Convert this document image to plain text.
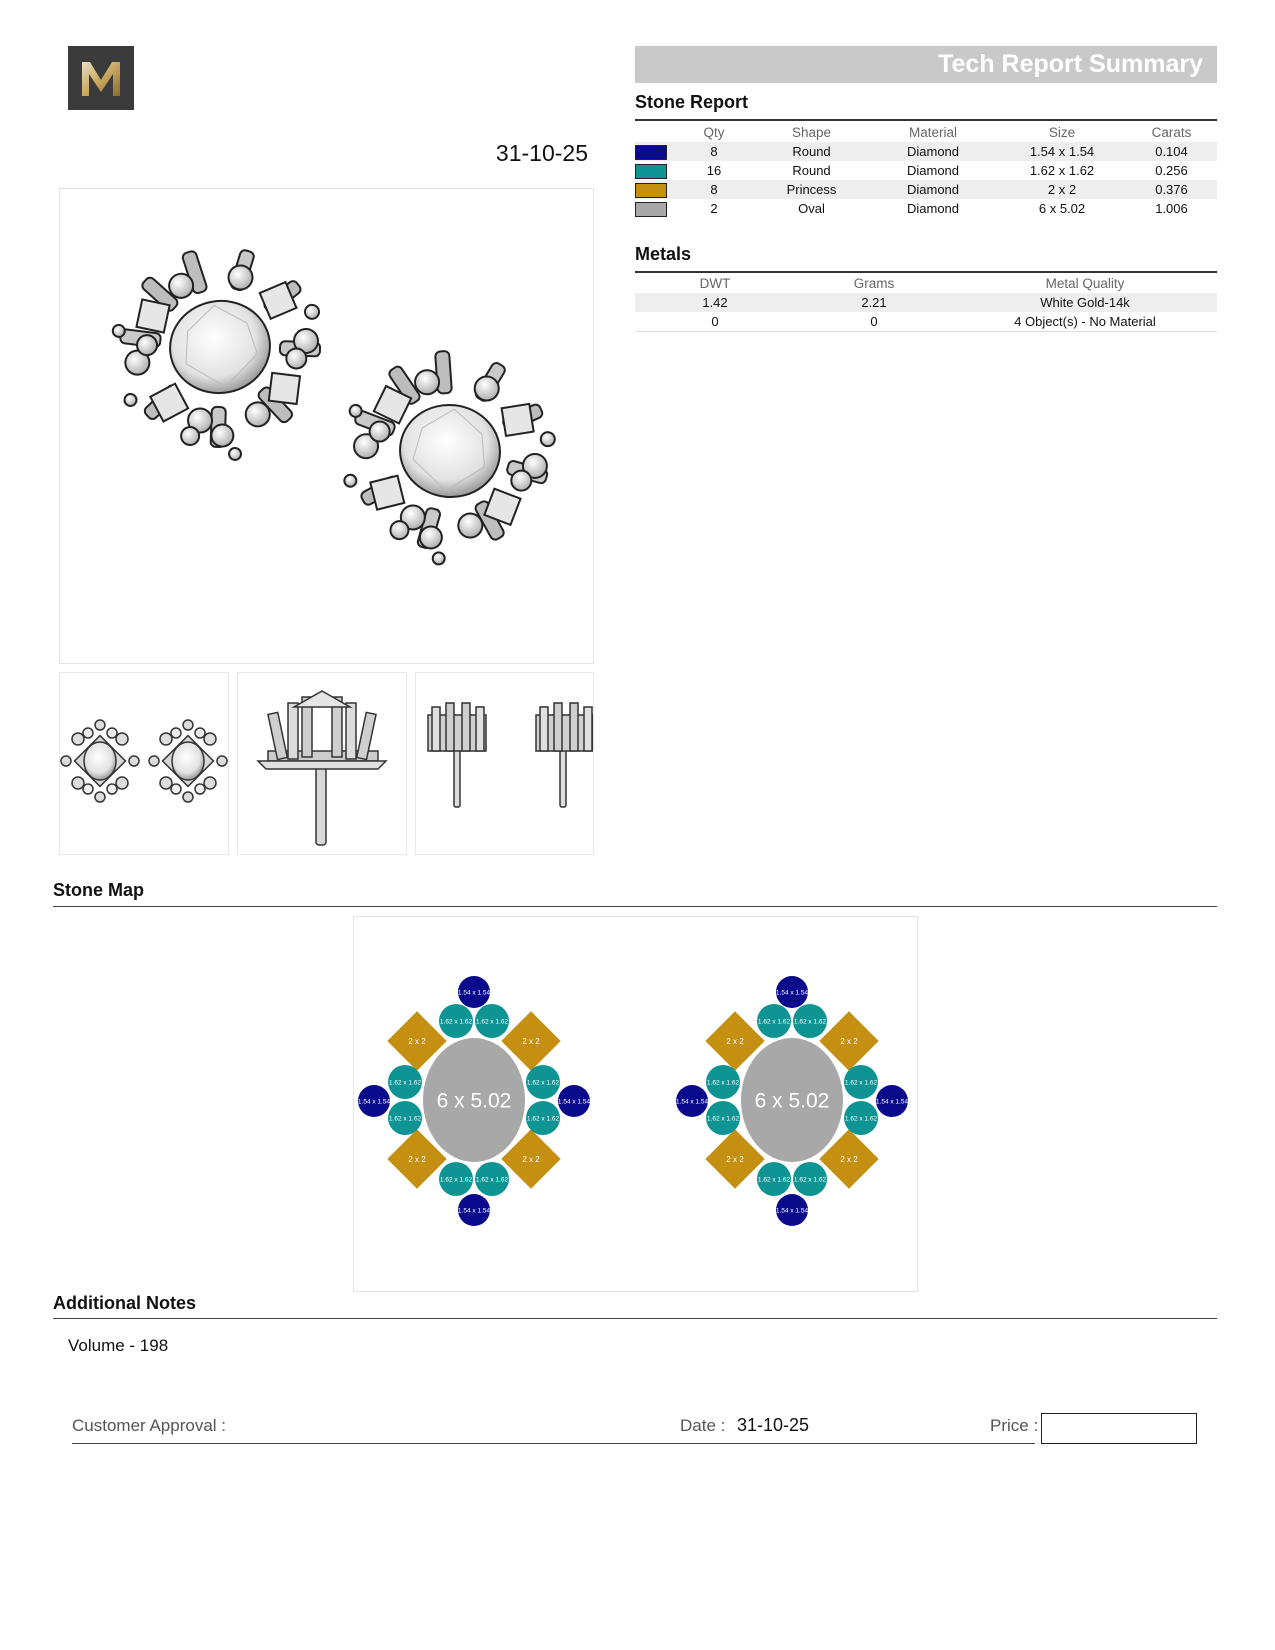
31-10-25
Tech Report Summary
Stone Report
	Qty	Shape	Material	Size	Carats
	8	Round	Diamond	1.54 x 1.54	0.104
	16	Round	Diamond	1.62 x 1.62	0.256
	8	Princess	Diamond	2 x 2	0.376
	2	Oval	Diamond	6 x 5.02	1.006
Metals
DWT	Grams	Metal Quality
1.42	2.21	White Gold-14k
0	0	4 Object(s) - No Material
Stone Map
2 x 2	2 x 2
2 x 2	2 x 2
1.54 x 1.54
1.54 x 1.54
1.54 x 1.54	1.54 x 1.54
1.62 x 1.62 1.62 x 1.62
1.62 x 1.62 1.62 x 1.62
1.62 x 1.62
1.62 x 1.62
1.62 x 1.62
1.62 x 1.62
6 x 5.02
2 x 2	2 x 2
2 x 2	2 x 2
1.54 x 1.54
1.54 x 1.54
1.54 x 1.54	1.54 x 1.54
1.62 x 1.62 1.62 x 1.62
1.62 x 1.62 1.62 x 1.62
1.62 x 1.62
1.62 x 1.62
1.62 x 1.62
1.62 x 1.62
6 x 5.02
Additional Notes
Volume - 198
Customer Approval :	Date : 31-10-25	Price :
